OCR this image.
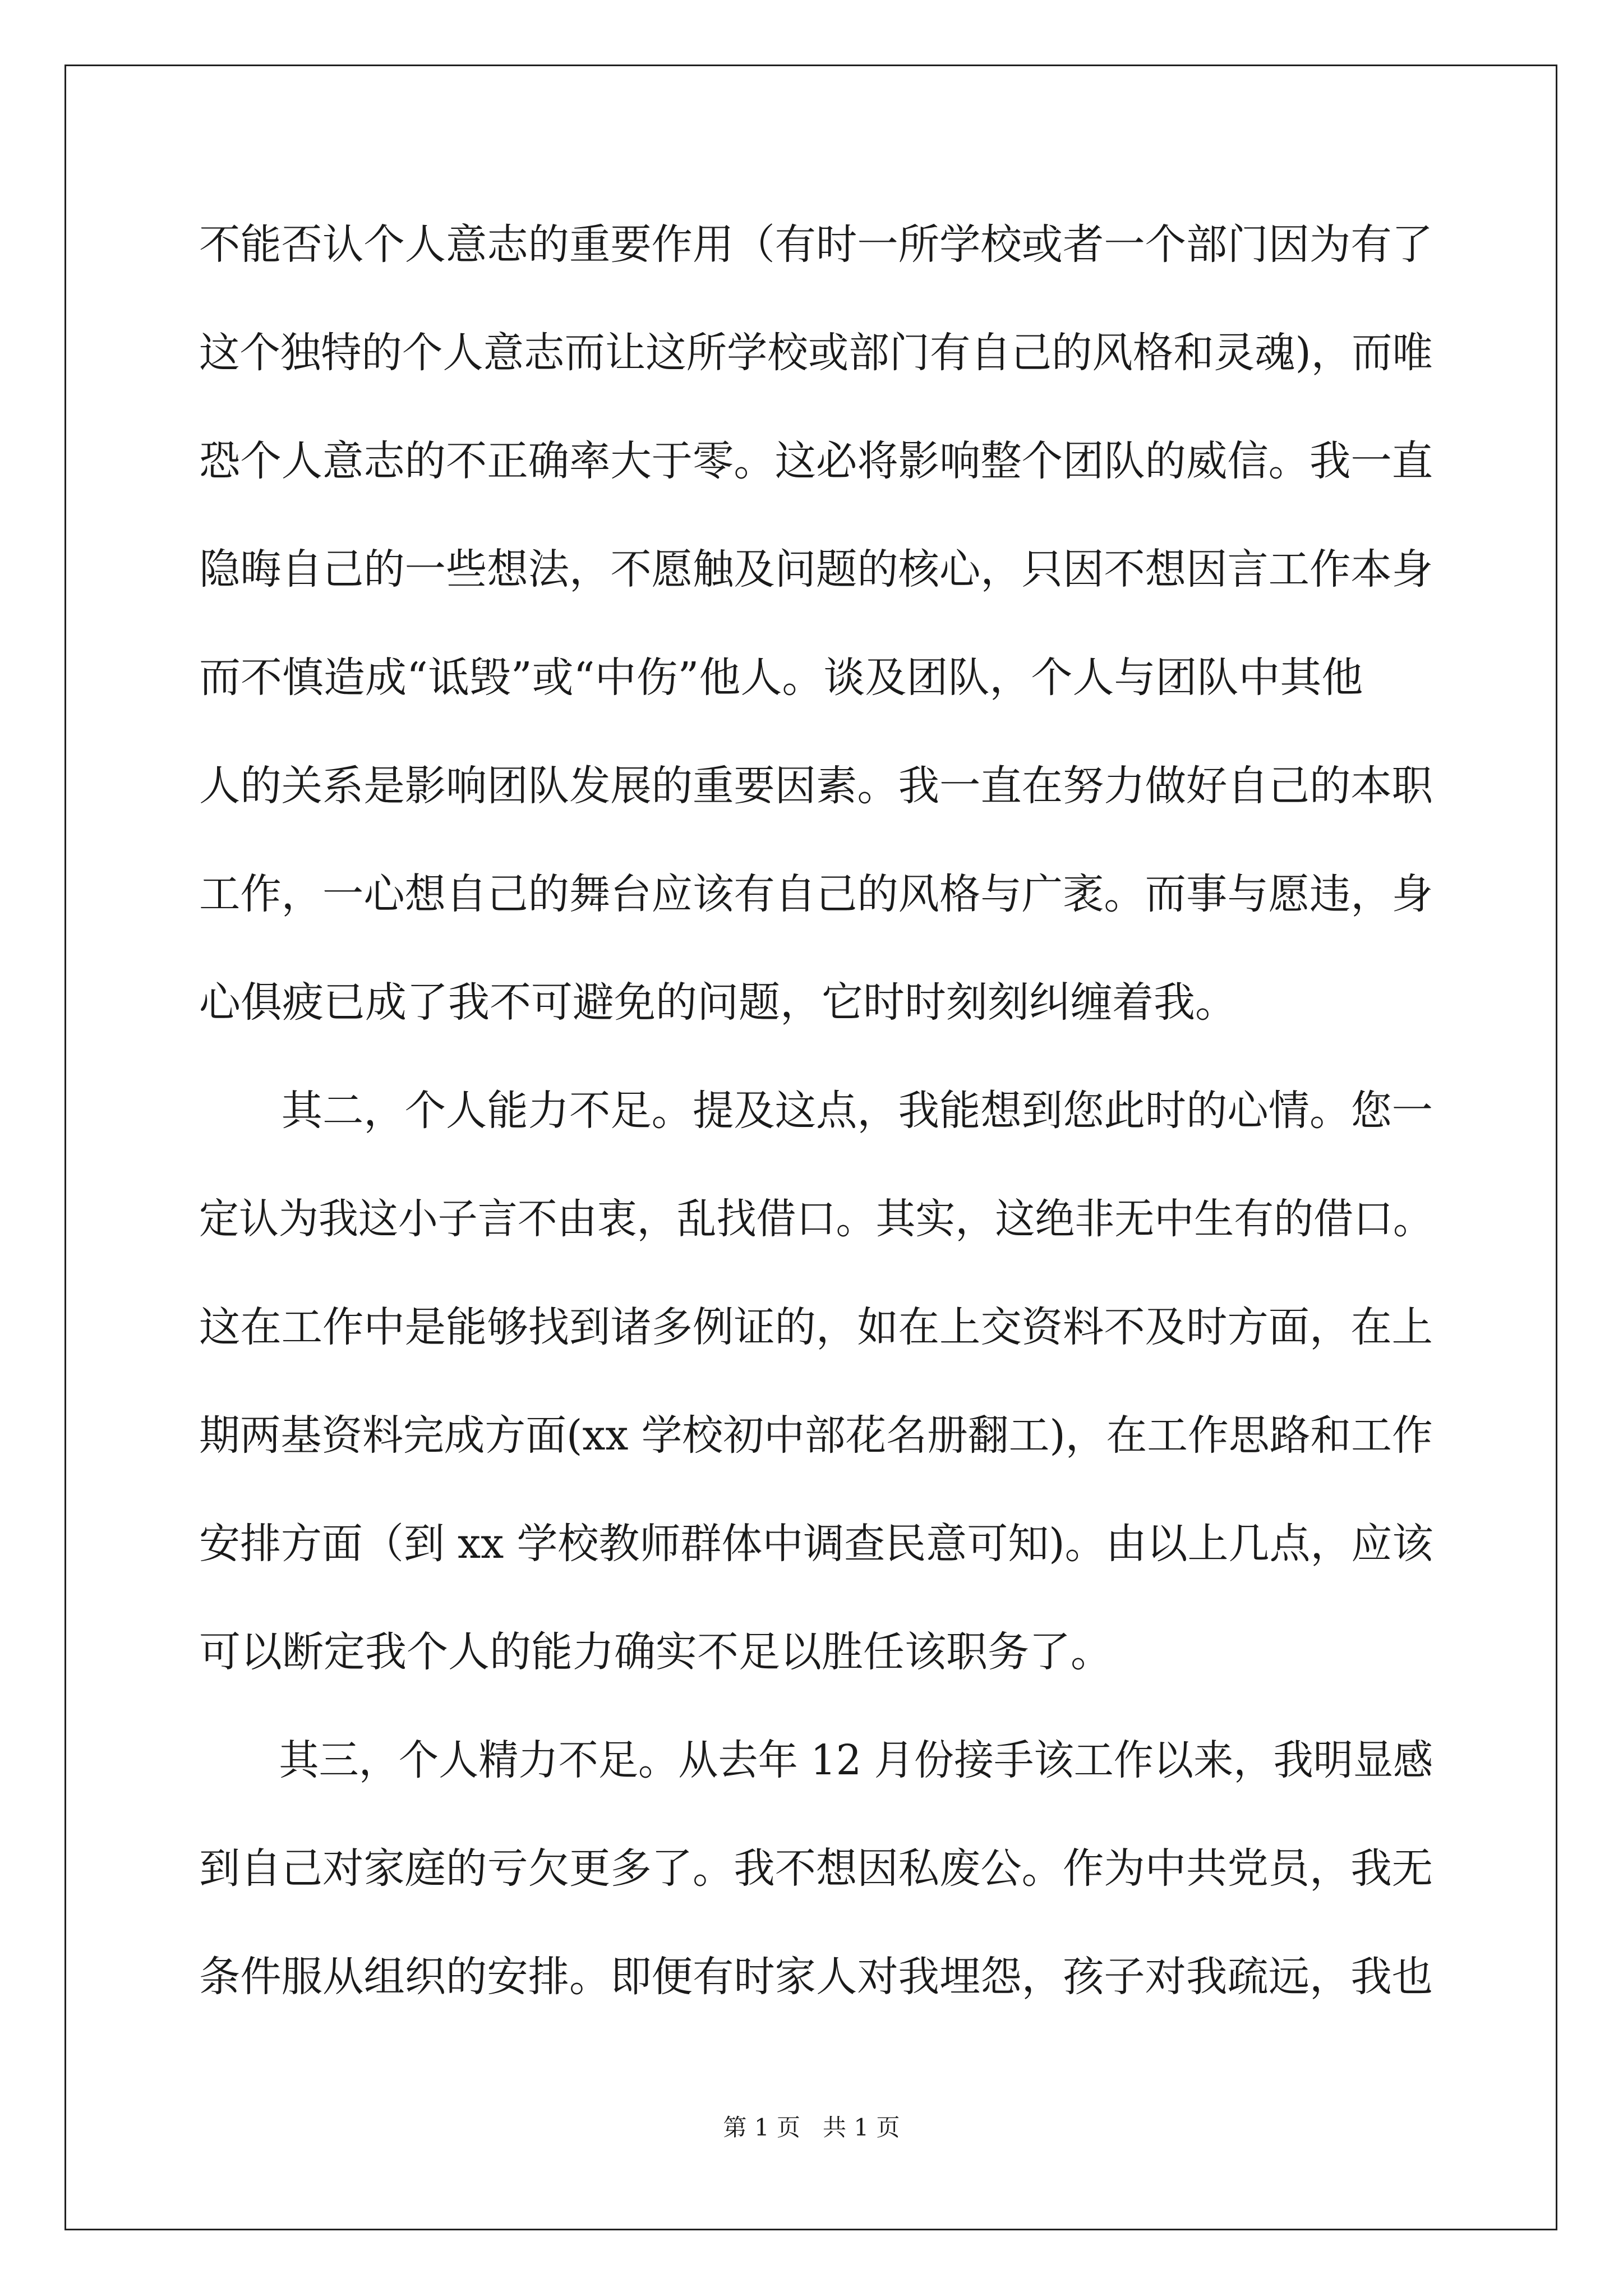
不能否认个人意志的重要作用（有时一所学校或者一个部门因为有了
这个独特的个人意志而让这所学校或部门有自己的风格和灵魂)，而唯
恐个人意志的不正确率大于零。这必将影响整个团队的威信。我一直
隐晦自己的一些想法，不愿触及问题的核心，只因不想因言工作本身
而不慎造成“诋毁”或“中伤”他人。谈及团队，个人与团队中其他
人的关系是影响团队发展的重要因素。我一直在努力做好自己的本职
工作，一心想自己的舞台应该有自己的风格与广袤。而事与愿违，身
心俱疲已成了我不可避免的问题，它时时刻刻纠缠着我。
　　其二，个人能力不足。提及这点，我能想到您此时的心情。您一
定认为我这小子言不由衷，乱找借口。其实，这绝非无中生有的借口。
这在工作中是能够找到诸多例证的，如在上交资料不及时方面，在上
期两基资料完成方面(xx 学校初中部花名册翻工)，在工作思路和工作
安排方面（到 xx 学校教师群体中调查民意可知)。由以上几点，应该
可以断定我个人的能力确实不足以胜任该职务了。
　　其三，个人精力不足。从去年 12 月份接手该工作以来，我明显感
到自己对家庭的亏欠更多了。我不想因私废公。作为中共党员，我无
条件服从组织的安排。即便有时家人对我埋怨，孩子对我疏远，我也
第 1 页   共 1 页
